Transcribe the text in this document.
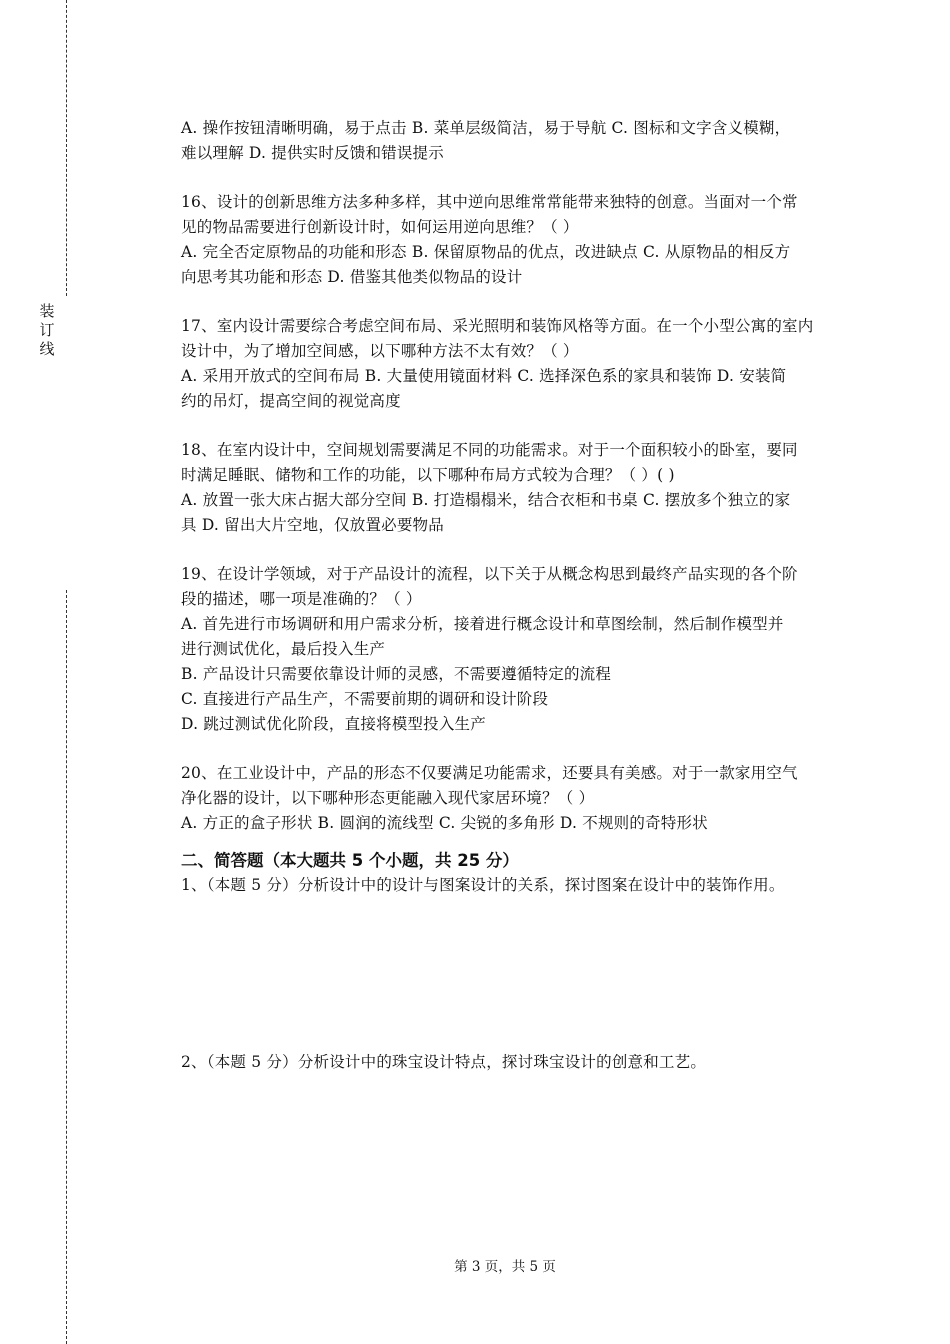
装
订
线
A. 操作按钮清晰明确，易于点击 B. 菜单层级简洁，易于导航 C. 图标和文字含义模糊，
难以理解 D. 提供实时反馈和错误提示
16、设计的创新思维方法多种多样，其中逆向思维常常能带来独特的创意。当面对一个常
见的物品需要进行创新设计时，如何运用逆向思维？（ ）
A. 完全否定原物品的功能和形态 B. 保留原物品的优点，改进缺点 C. 从原物品的相反方
向思考其功能和形态 D. 借鉴其他类似物品的设计
17、室内设计需要综合考虑空间布局、采光照明和装饰风格等方面。在一个小型公寓的室内
设计中，为了增加空间感，以下哪种方法不太有效？（ ）
A. 采用开放式的空间布局 B. 大量使用镜面材料 C. 选择深色系的家具和装饰 D. 安装简
约的吊灯，提高空间的视觉高度
18、在室内设计中，空间规划需要满足不同的功能需求。对于一个面积较小的卧室，要同
时满足睡眠、储物和工作的功能，以下哪种布局方式较为合理？（ ）( )
A. 放置一张大床占据大部分空间 B. 打造榻榻米，结合衣柜和书桌 C. 摆放多个独立的家
具 D. 留出大片空地，仅放置必要物品
19、在设计学领域，对于产品设计的流程，以下关于从概念构思到最终产品实现的各个阶
段的描述，哪一项是准确的？（ ）
A. 首先进行市场调研和用户需求分析，接着进行概念设计和草图绘制，然后制作模型并
进行测试优化，最后投入生产
B. 产品设计只需要依靠设计师的灵感，不需要遵循特定的流程
C. 直接进行产品生产，不需要前期的调研和设计阶段
D. 跳过测试优化阶段，直接将模型投入生产
20、在工业设计中，产品的形态不仅要满足功能需求，还要具有美感。对于一款家用空气
净化器的设计，以下哪种形态更能融入现代家居环境？（ ）
A. 方正的盒子形状 B. 圆润的流线型 C. 尖锐的多角形 D. 不规则的奇特形状
二、简答题（本大题共 5 个小题，共 25 分）
1、（本题 5 分）分析设计中的设计与图案设计的关系，探讨图案在设计中的装饰作用。
2、（本题 5 分）分析设计中的珠宝设计特点，探讨珠宝设计的创意和工艺。
第 3 页，共 5 页
